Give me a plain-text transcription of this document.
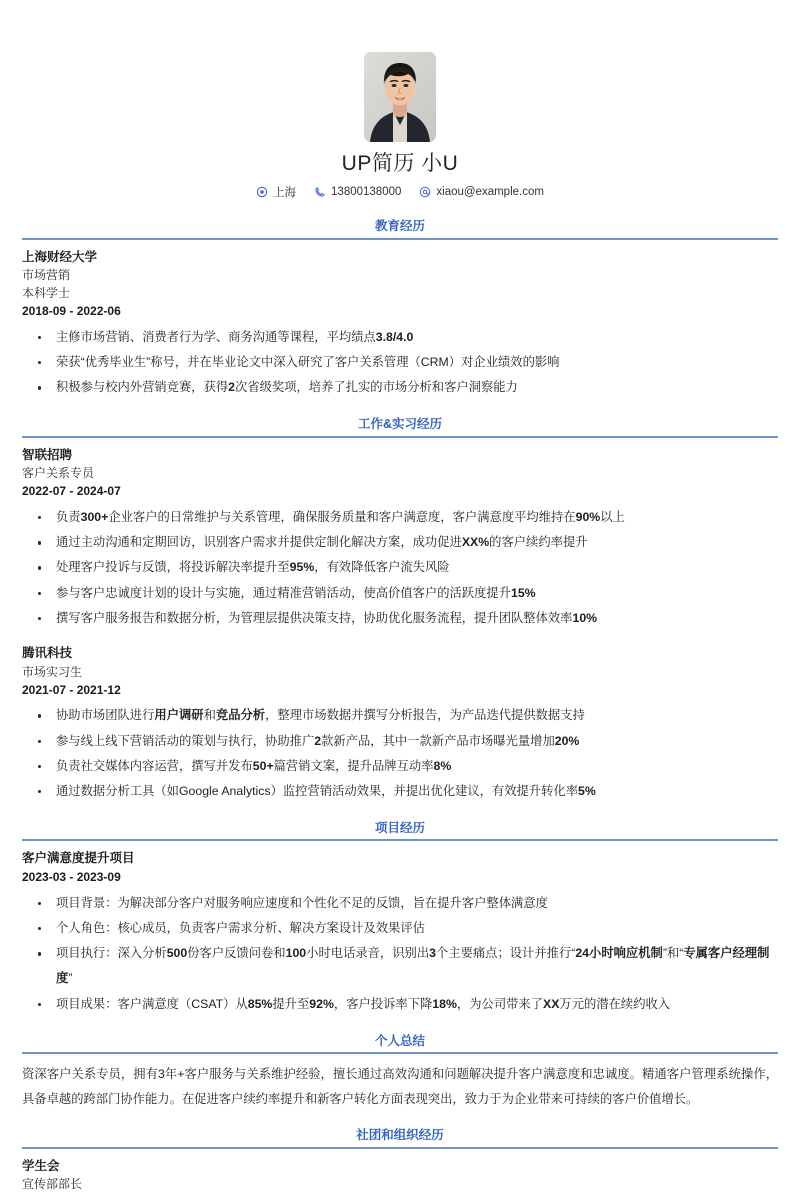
UP简历 小U
上海	13800138000	xiaou@example.com
教育经历
上海财经大学
市场营销
本科学士
2018-09 - 2022-06
主修市场营销、消费者行为学、商务沟通等课程，平均绩点3.8/4.0
荣获“优秀毕业生”称号，并在毕业论文中深入研究了客户关系管理（CRM）对企业绩效的影响
积极参与校内外营销竞赛，获得2次省级奖项，培养了扎实的市场分析和客户洞察能力
工作&实习经历
智联招聘
客户关系专员
2022-07 - 2024-07
负责300+企业客户的日常维护与关系管理，确保服务质量和客户满意度，客户满意度平均维持在90%以上
通过主动沟通和定期回访，识别客户需求并提供定制化解决方案，成功促进XX%的客户续约率提升
处理客户投诉与反馈，将投诉解决率提升至95%，有效降低客户流失风险
参与客户忠诚度计划的设计与实施，通过精准营销活动，使高价值客户的活跃度提升15%
撰写客户服务报告和数据分析，为管理层提供决策支持，协助优化服务流程，提升团队整体效率10%
腾讯科技
市场实习生
2021-07 - 2021-12
协助市场团队进行用户调研和竞品分析，整理市场数据并撰写分析报告，为产品迭代提供数据支持
参与线上线下营销活动的策划与执行，协助推广2款新产品，其中一款新产品市场曝光量增加20%
负责社交媒体内容运营，撰写并发布50+篇营销文案，提升品牌互动率8%
通过数据分析工具（如Google Analytics）监控营销活动效果，并提出优化建议，有效提升转化率5%
项目经历
客户满意度提升项目
2023-03 - 2023-09
项目背景：为解决部分客户对服务响应速度和个性化不足的反馈，旨在提升客户整体满意度
个人角色：核心成员，负责客户需求分析、解决方案设计及效果评估
项目执行：深入分析500份客户反馈问卷和100小时电话录音，识别出3个主要痛点；设计并推行“24小时响应机制”和“专属客户经理制度”
项目成果：客户满意度（CSAT）从85%提升至92%，客户投诉率下降18%，为公司带来了XX万元的潜在续约收入
个人总结
资深客户关系专员，拥有3年+客户服务与关系维护经验，擅长通过高效沟通和问题解决提升客户满意度和忠诚度。精通客户管理系统操作，具备卓越的跨部门协作能力。在促进客户续约率提升和新客户转化方面表现突出，致力于为企业带来可持续的客户价值增长。
社团和组织经历
学生会
宣传部部长
